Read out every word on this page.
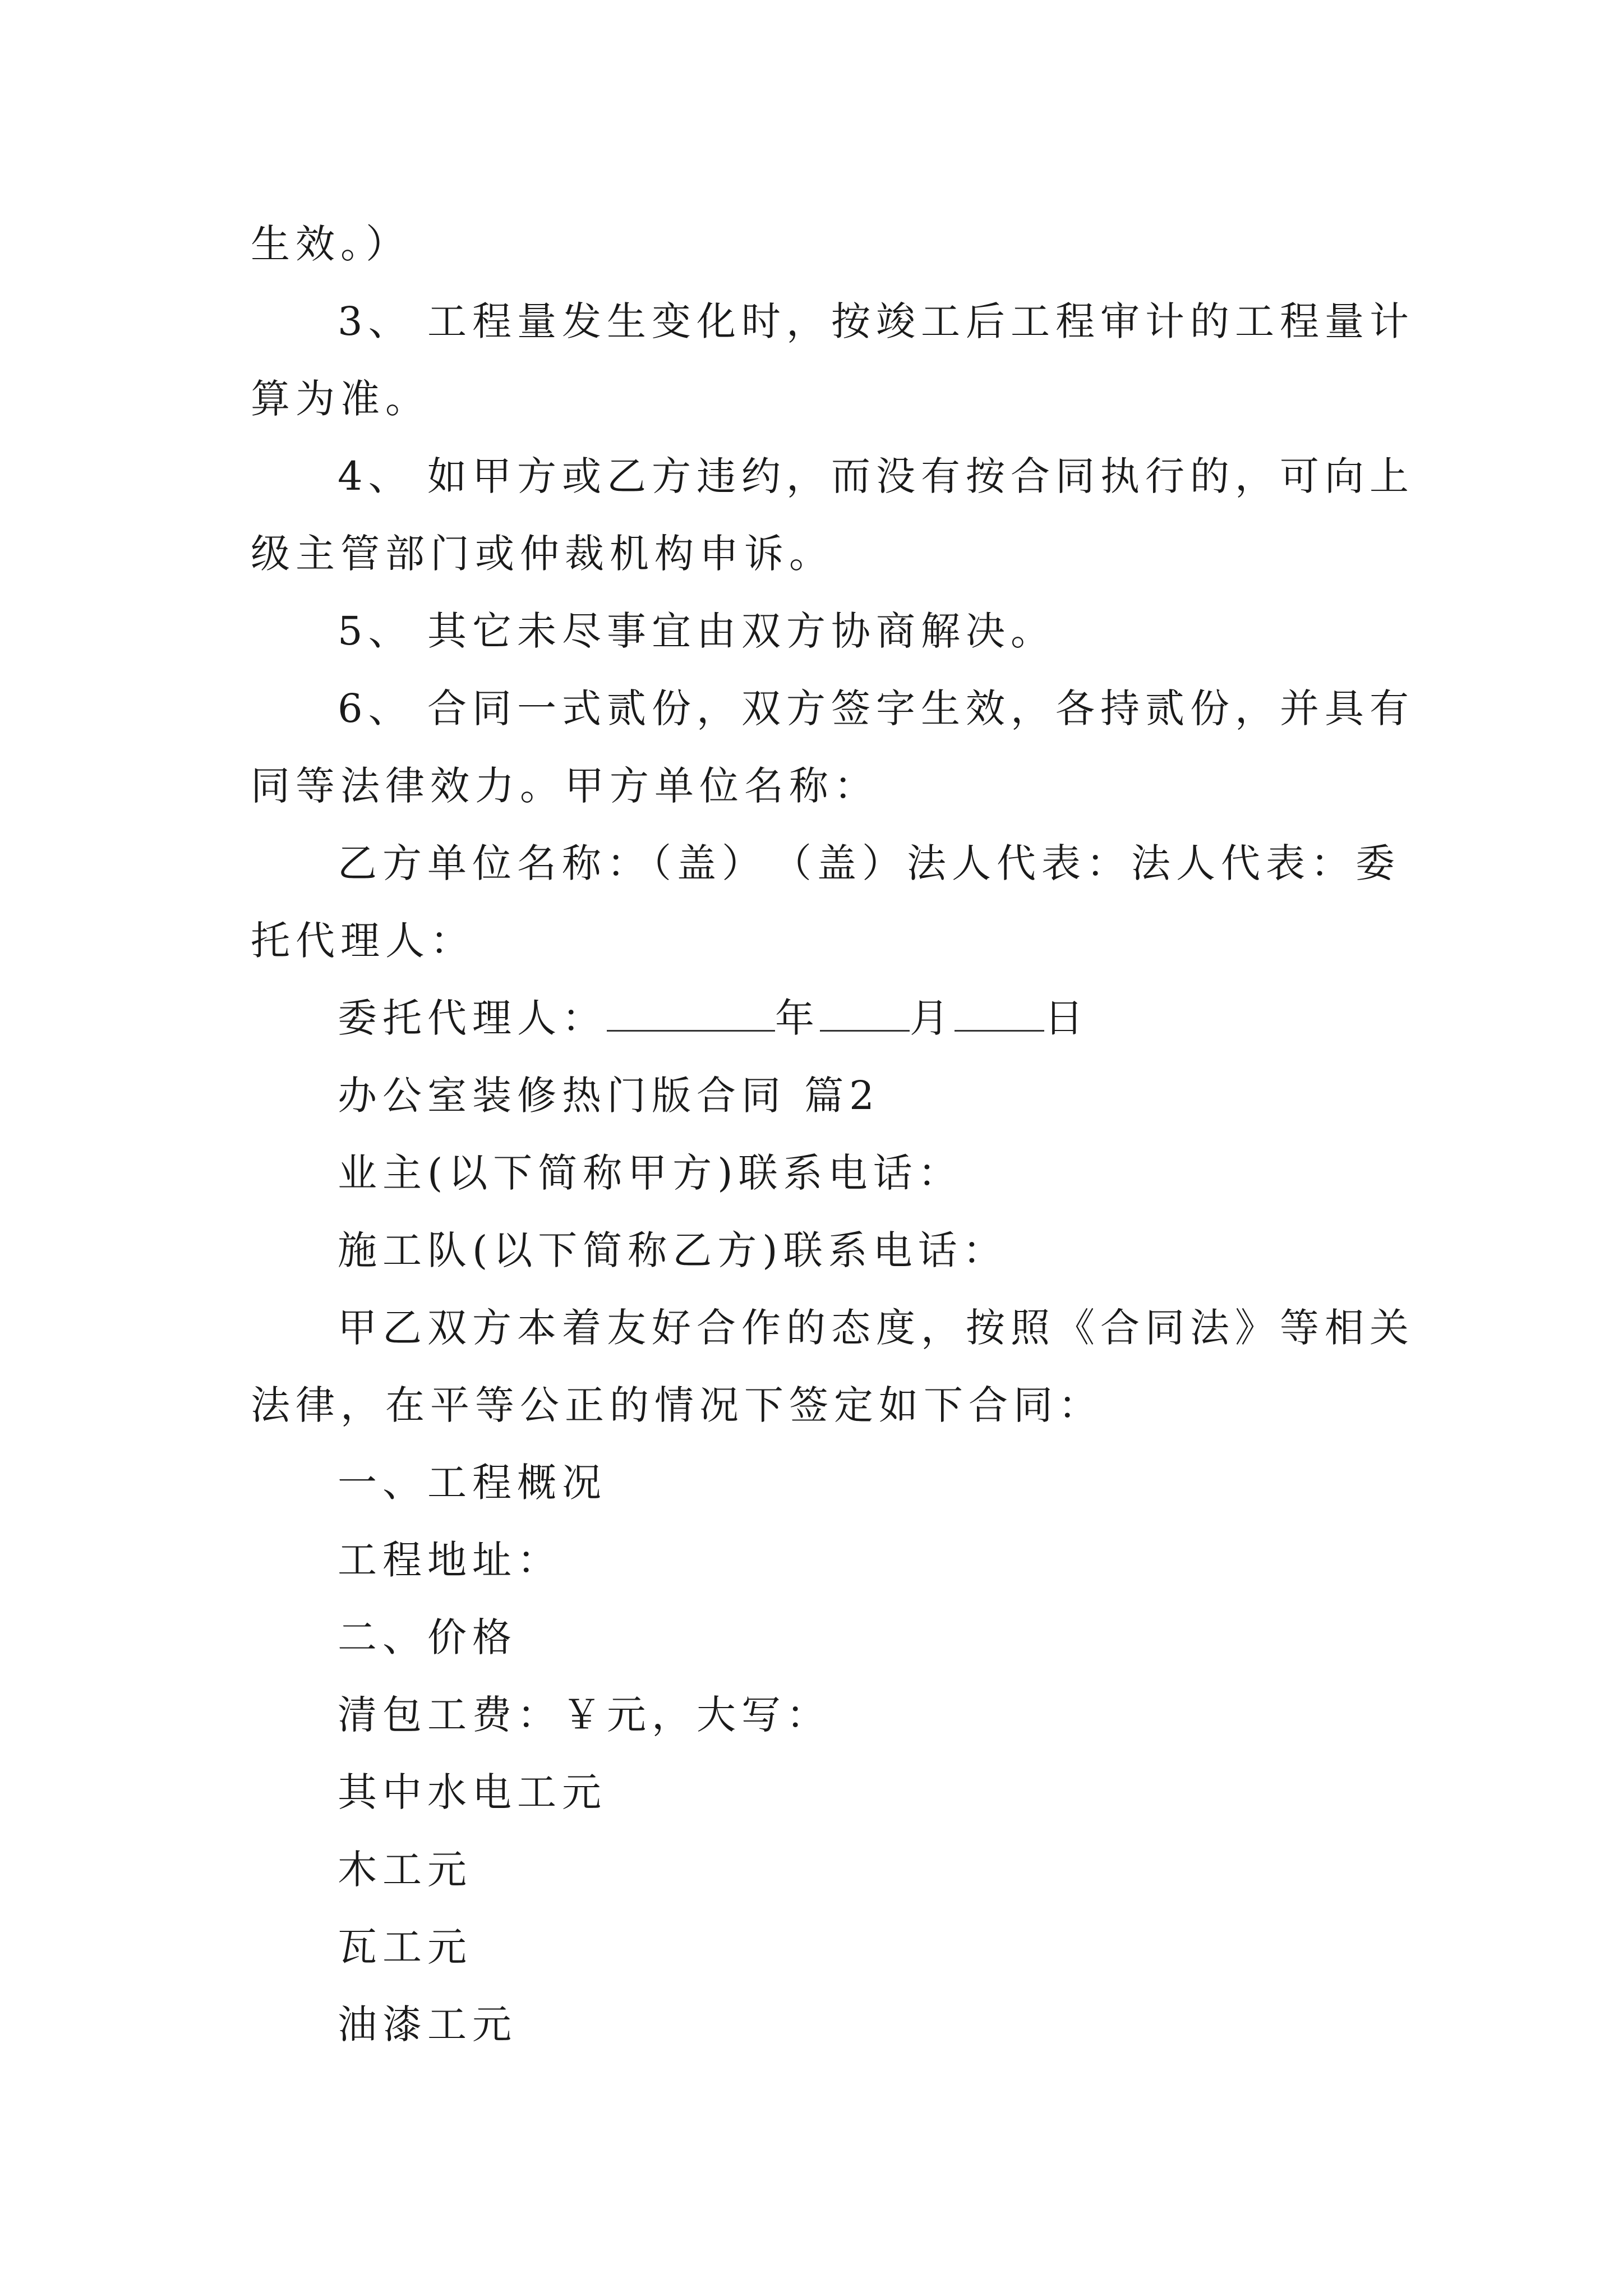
生效。）
3、 工程量发生变化时，按竣工后工程审计的工程量计
算为准。
4、 如甲方或乙方违约，而没有按合同执行的，可向上
级主管部门或仲裁机构申诉。
5、 其它未尽事宜由双方协商解决。
6、 合同一式贰份，双方签字生效，各持贰份，并具有
同等法律效力。甲方单位名称：
乙方单位名称：（盖）　（盖）法人代表：法人代表：委
托代理人：
委托代理人：	年 月 日
办公室装修热门版合同 篇2
业主(以下简称甲方)联系电话：
施工队(以下简称乙方)联系电话：
甲乙双方本着友好合作的态度，按照《合同法》等相关
法律，在平等公正的情况下签定如下合同：
一、工程概况
工程地址：
二、价格
清包工费：￥元，大写：
其中水电工元
木工元
瓦工元
油漆工元
